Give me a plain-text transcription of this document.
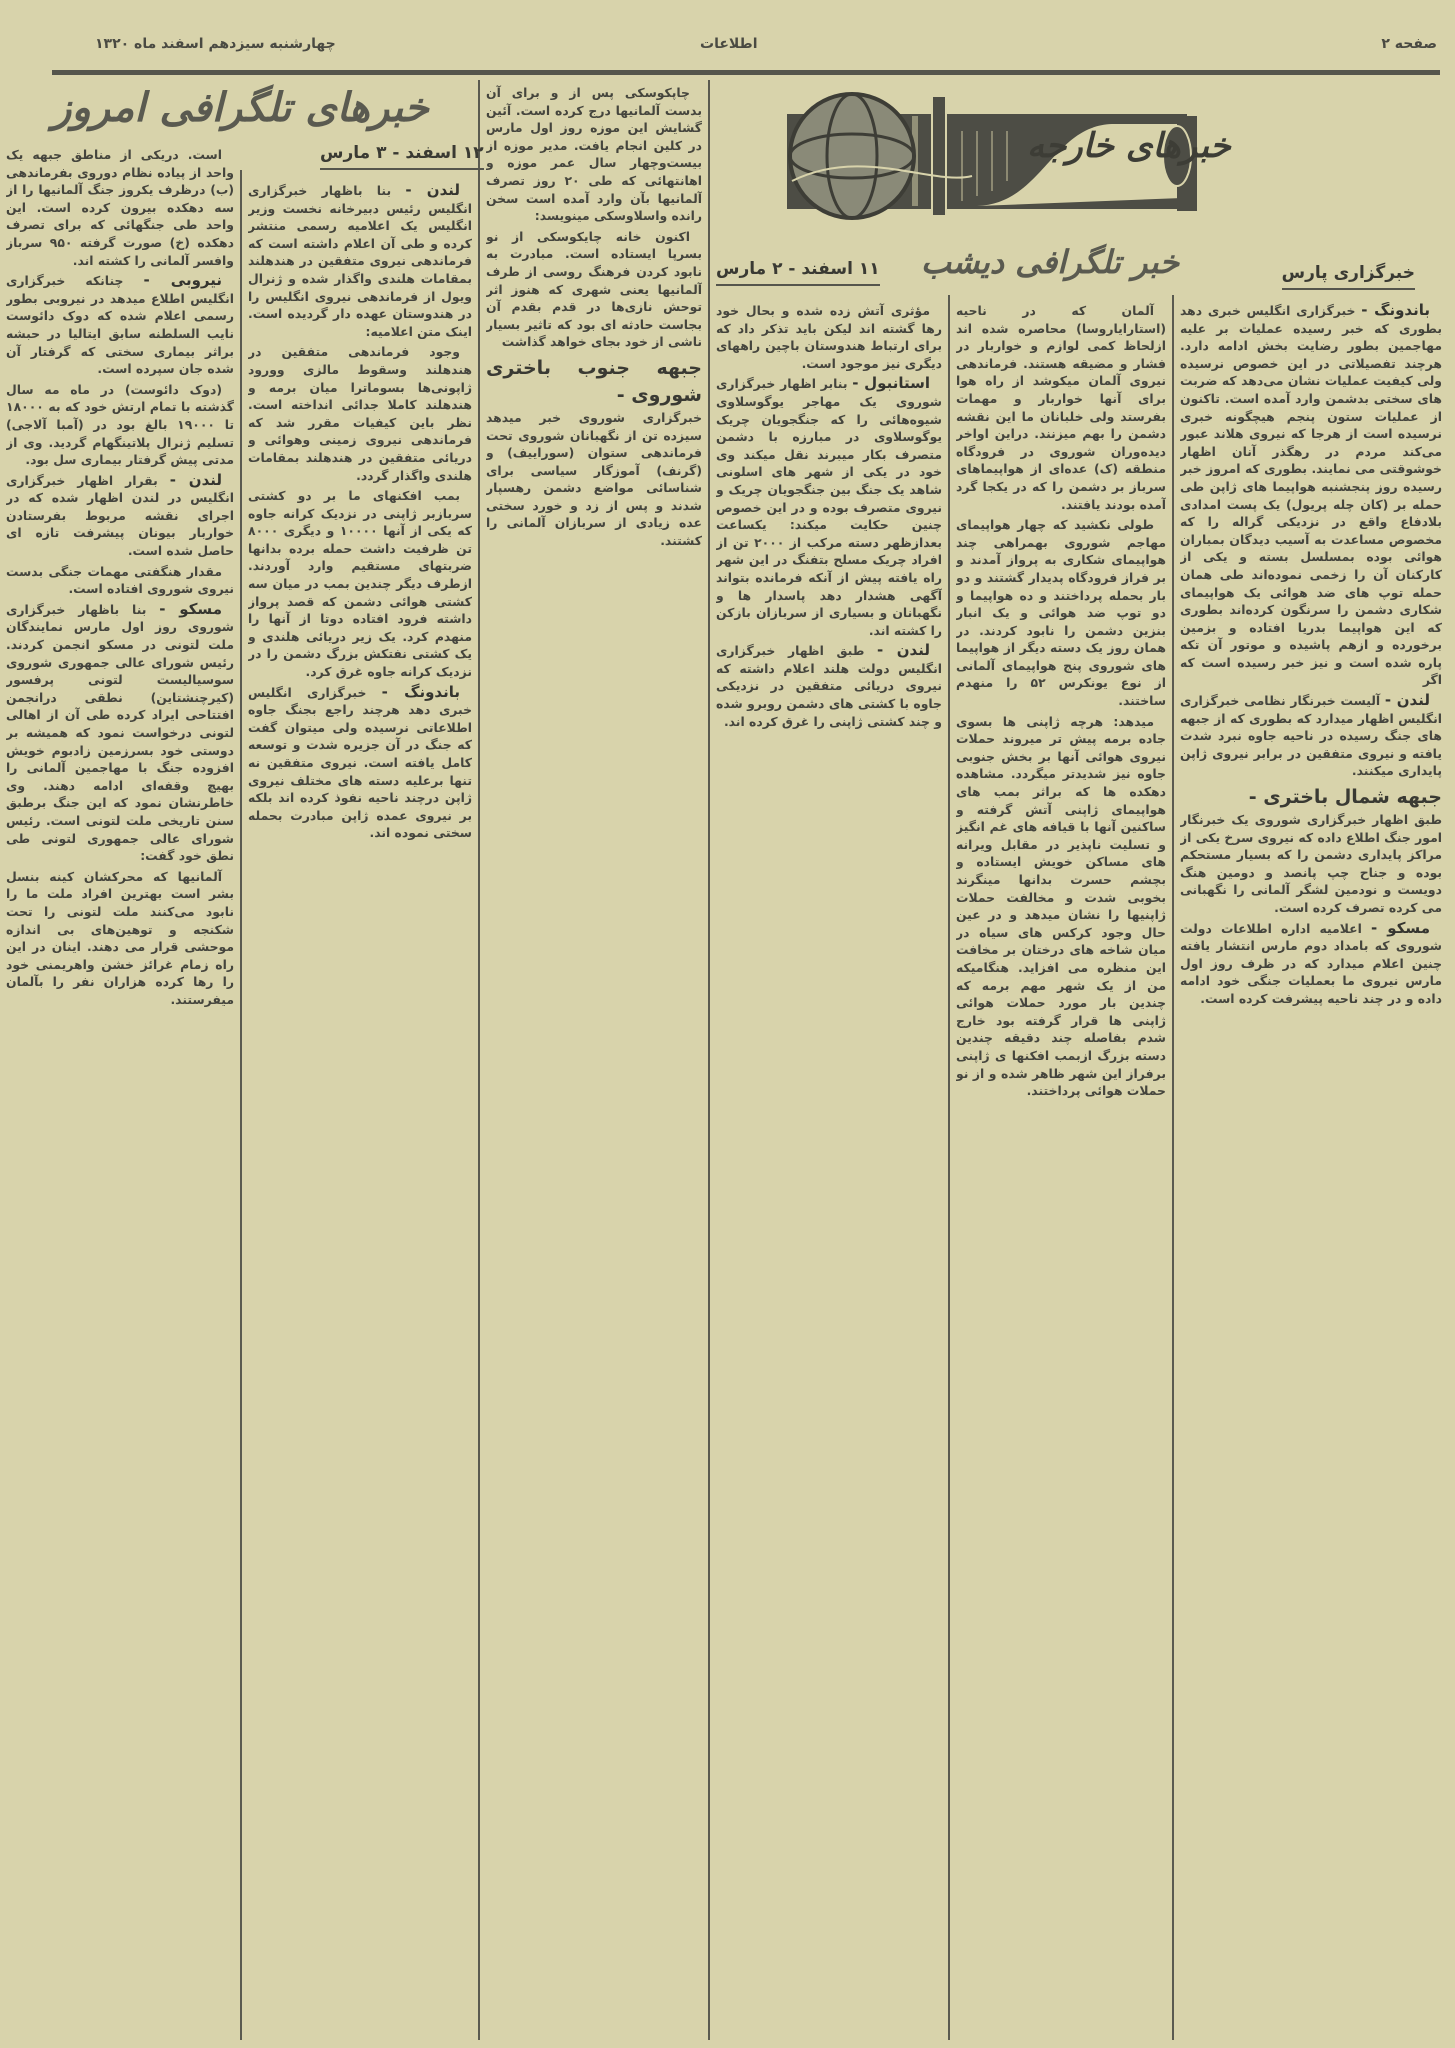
صفحه ۲
اطلاعات
چهارشنبه سیزدهم اسفند ماه ۱۳۲۰
خبرهای خارجه
خبرگزاری پارس
خبر تلگرافی دیشب
۱۱ اسفند - ۲ مارس
خبرهای تلگرافی امروز
۱۲ اسفند - ۳ مارس

باندونگ - خبرگزاری انگلیس خبری دهد بطوری که خبر رسیده عملیات بر علیه مهاجمین بطور رضایت بخش ادامه دارد. هرچند تفصیلاتی در این خصوص نرسیده ولی کیفیت عملیات نشان می‌دهد که ضربت های سختی بدشمن وارد آمده است. تاکنون از عملیات ستون پنجم هیچگونه خبری نرسیده است از هرجا که نیروی هلاند عبور می‌کند مردم در رهگذر آنان اظهار خوشوقتی می نمایند. بطوری که امروز خبر رسیده روز پنجشنبه هواپیما های ژاپن طی حمله بر (کان چله پریول) یک پست امدادی بلادفاع واقع در نزدیکی گراله را که مخصوص مساعدت به آسیب دیدگان بمباران هوائی بوده بمسلسل بسته و یکی از کارکنان آن را زخمی نموده‌اند طی همان حمله توپ های ضد هوائی یک هواپیمای شکاری دشمن را سرنگون کرده‌اند بطوری که این هواپیما بدریا افتاده و بزمین برخورده و ازهم پاشیده و موتور آن تکه پاره شده است و نیز خبر رسیده است که اگر

لندن - آلیست خبرنگار نظامی خبرگزاری انگلیس اظهار میدارد که بطوری که از جبهه های جنگ رسیده در ناحیه جاوه نبرد شدت یافته و نیروی متفقین در برابر نیروی ژاپن پایداری میکنند.

جبهه شمال باختری -
طبق اظهار خبرگزاری شوروی یک خبرنگار امور جنگ اطلاع داده که نیروی سرخ یکی از مراکز پایداری دشمن را که بسیار مستحکم بوده و جناح چپ پانصد و دومین هنگ دویست و نودمین لشگر آلمانی را نگهبانی می کرده تصرف کرده است.

مسکو - اعلامیه اداره اطلاعات دولت شوروی که بامداد دوم مارس انتشار یافته چنین اعلام میدارد که در ظرف روز اول مارس نیروی ما بعملیات جنگی خود ادامه داده و در چند ناحیه پیشرفت کرده است.

آلمان که در ناحیه (استارایاروسا) محاصره شده اند ازلحاظ کمی لوازم و خواربار در فشار و مضیقه هستند. فرماندهی نیروی آلمان میکوشد از راه هوا برای آنها خواربار و مهمات بفرستد ولی خلبانان ما این نقشه دشمن را بهم میزنند. دراین اواخر دیده‌وران شوروی در فرودگاه منطقه (ک) عده‌ای از هواپیماهای سرباز بر دشمن را که در یکجا گرد آمده بودند یافتند.

طولی نکشید که چهار هواپیمای مهاجم شوروی بهمراهی چند هواپیمای شکاری به پرواز آمدند و بر فراز فرودگاه پدیدار گشتند و دو بار بحمله پرداختند و ده هواپیما و دو توپ ضد هوائی و یک انبار بنزین دشمن را نابود کردند. در همان روز یک دسته دیگر از هواپیما های شوروی پنج هواپیمای آلمانی از نوع یونکرس ۵۲ را منهدم ساختند.

میدهد: هرچه ژاپنی ها بسوی جاده برمه پیش تر میروند حملات نیروی هوائی آنها بر بخش جنوبی جاوه نیز شدیدتر میگردد. مشاهده دهکده ها که براثر بمب های هواپیمای ژاپنی آتش گرفته و ساکنین آنها با قیافه های غم انگیز و تسلیت ناپذیر در مقابل ویرانه های مساکن خویش ایستاده و بچشم حسرت بدانها مینگرند بخوبی شدت و مخالفت حملات ژاپنیها را نشان میدهد و در عین حال وجود کرکس های سیاه در میان شاخه های درختان بر مخافت این منظره می افزاید. هنگامیکه من از یک شهر مهم برمه که چندین بار مورد حملات هوائی ژاپنی ها قرار گرفته بود خارج شدم بفاصله چند دقیقه چندین دسته بزرگ ازبمب افکنها ی ژاپنی برفراز این شهر ظاهر شده و از نو حملات هوائی پرداختند.

مؤثری آتش زده شده و بحال خود رها گشته اند لیکن باید تذکر داد که برای ارتباط هندوستان باچین راههای دیگری نیز موجود است.

استانبول - بنابر اظهار خبرگزاری شوروی یک مهاجر یوگوسلاوی شیوه‌هائی را که جنگجویان چریک یوگوسلاوی در مبارزه با دشمن متصرف بکار میبرند نقل میکند وی خود در یکی از شهر های اسلونی شاهد یک جنگ بین جنگجویان چریک و نیروی متصرف بوده و در این خصوص چنین حکایت میکند: یکساعت بعدازظهر دسته مرکب از ۲۰۰۰ تن از افراد چریک مسلح بتفنگ در این شهر راه یافته پیش از آنکه فرمانده بتواند آگهی هشدار دهد پاسدار ها و نگهبانان و بسیاری از سربازان بازکن را کشته اند.

لندن - طبق اظهار خبرگزاری انگلیس دولت هلند اعلام داشته که نیروی دریائی متفقین در نزدیکی جاوه با کشتی های دشمن روبرو شده و چند کشتی ژاپنی را غرق کرده اند.

چاپکوسکی پس از و برای آن بدست آلمانیها درج کرده است. آئین گشایش این موزه روز اول مارس در کلین انجام یافت. مدیر موزه از بیست‌وچهار سال عمر موزه و اهانتهائی که طی ۲۰ روز تصرف آلمانیها بآن وارد آمده است سخن رانده واسلاوسکی مینویسد:

اکنون خانه چایکوسکی از نو بسرپا ایستاده است. مبادرت به نابود کردن فرهنگ روسی از طرف آلمانیها یعنی شهری که هنوز اثر توحش نازی‌ها در قدم بقدم آن بجاست حادثه ای بود که تاثیر بسیار ناشی از خود بجای خواهد گذاشت

جبهه جنوب باختری شوروی -
خبرگزاری شوروی خبر میدهد سیزده تن از نگهبانان شوروی تحت فرماندهی ستوان (سوراییف) و (گرنف) آموزگار سیاسی برای شناسائی مواضع دشمن رهسپار شدند و پس از زد و خورد سختی عده زیادی از سربازان آلمانی را کشتند.

لندن - بنا باظهار خبرگزاری انگلیس رئیس دبیرخانه نخست وزیر انگلیس یک اعلامیه رسمی منتشر کرده و طی آن اعلام داشته است که فرماندهی نیروی متفقین در هندهلند بمقامات هلندی واگذار شده و ژنرال ویول از فرماندهی نیروی انگلیس را در هندوستان عهده دار گردیده است. اینک متن اعلامیه:

وجود فرماندهی متفقین در هندهلند وسقوط مالزی وورود ژاپونی‌ها بسوماترا میان برمه و هندهلند کاملا جدائی انداخته است. نظر باین کیفیات مقرر شد که فرماندهی نیروی زمینی وهوائی و دریائی متفقین در هندهلند بمقامات هلندی واگذار گردد.

بمب افکنهای ما بر دو کشتی سربازبر ژاپنی در نزدیک کرانه جاوه که یکی از آنها ۱۰۰۰۰ و دیگری ۸۰۰۰ تن ظرفیت داشت حمله برده بدانها ضربتهای مستقیم وارد آوردند. ازطرف دیگر چندین بمب در میان سه کشتی هوائی دشمن که قصد پرواز داشته فرود افتاده دوتا از آنها را منهدم کرد. یک زیر دریائی هلندی و یک کشتی نفتکش بزرگ دشمن را در نزدیک کرانه جاوه غرق کرد.

باندونگ - خبرگزاری انگلیس خبری دهد هرچند راجع بجنگ جاوه اطلاعاتی نرسیده ولی میتوان گفت که جنگ در آن جزیره شدت و توسعه کامل یافته است. نیروی متفقین نه تنها برعلیه دسته های مختلف نیروی ژاپن درچند ناحیه نفوذ کرده اند بلکه بر نیروی عمده ژاپن مبادرت بحمله سختی نموده اند.

است. دریکی از مناطق جبهه یک واحد از پیاده نظام دوروی بفرماندهی (ب) درظرف یکروز جنگ آلمانیها را از سه دهکده بیرون کرده است. این واحد طی جنگهائی که برای تصرف دهکده (خ) صورت گرفته ۹۵۰ سرباز وافسر آلمانی را کشته اند.

نیروبی - چنانکه خبرگزاری انگلیس اطلاع میدهد در نیروبی بطور رسمی اعلام شده که دوک دائوست نایب السلطنه سابق ایتالیا در حبشه براثر بیماری سختی که گرفتار آن شده جان سپرده است.

(دوک دائوست) در ماه مه سال گذشته با تمام ارتش خود که به ۱۸۰۰۰ تا ۱۹۰۰۰ بالغ بود در (آمبا آلاجی) تسلیم ژنرال پلاتینگهام گردید. وی از مدتی پیش گرفتار بیماری سل بود.

لندن - بقرار اظهار خبرگزاری انگلیس در لندن اظهار شده که در اجرای نقشه مربوط بفرستادن خواربار بیونان پیشرفت تازه ای حاصل شده است.

مقدار هنگفتی مهمات جنگی بدست نیروی شوروی افتاده است.

مسکو - بنا باظهار خبرگزاری شوروی روز اول مارس نمایندگان ملت لتونی در مسکو انجمن کردند. رئیس شورای عالی جمهوری شوروی سوسیالیست لتونی پرفسور (کیرچنشتاین) نطقی درانجمن افتتاحی ایراد کرده طی آن از اهالی لتونی درخواست نمود که همیشه بر دوستی خود بسرزمین زادبوم خویش افزوده جنگ با مهاجمین آلمانی را بهیچ وقفه‌ای ادامه دهند. وی خاطرنشان نمود که این جنگ برطبق سنن تاریخی ملت لتونی است. رئیس شورای عالی جمهوری لتونی طی نطق خود گفت:

آلمانیها که محرکشان کینه بنسل بشر است بهترین افراد ملت ما را نابود می‌کنند ملت لتونی را تحت شکنجه و توهین‌های بی اندازه موحشی قرار می دهند. اینان در این راه زمام غرائز خشن واهریمنی خود را رها کرده هزاران نفر را بآلمان میفرستند.
